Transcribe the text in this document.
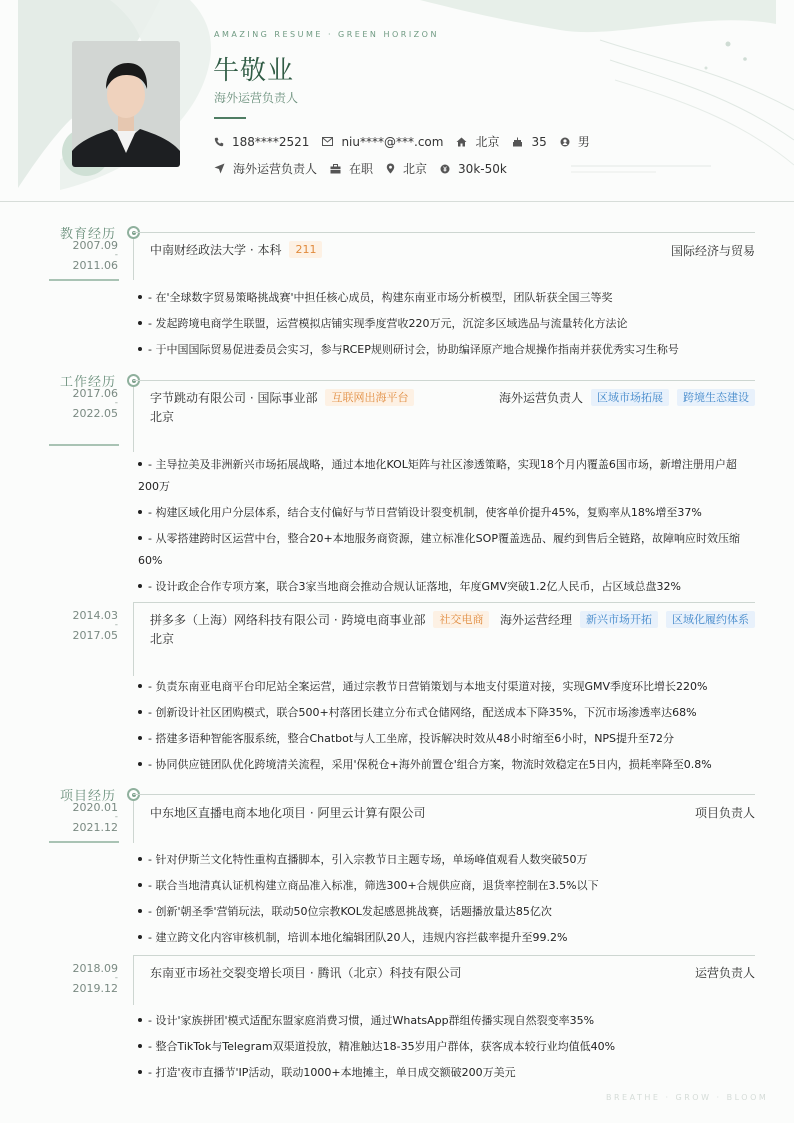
AMAZING RESUME · GREEN HORIZON
牛敬业
海外运营负责人
188****2521	niu****@***.com	北京	35	男
海外运营负责人	在职	北京	30k-50k
教育经历
2007.09
-
2011.06
中南财经政法大学 · 本科	211	国际经济与贸易
- 在'全球数字贸易策略挑战赛'中担任核心成员，构建东南亚市场分析模型，团队斩获全国三等奖
- 发起跨境电商学生联盟，运营模拟店铺实现季度营收220万元，沉淀多区域选品与流量转化方法论
- 于中国国际贸易促进委员会实习，参与RCEP规则研讨会，协助编译原产地合规操作指南并获优秀实习生称号
工作经历
2017.06
-
2022.05
字节跳动有限公司 · 国际事业部	互联网出海平台	海外运营负责人	区域市场拓展	跨境生态建设
北京
- 主导拉美及非洲新兴市场拓展战略，通过本地化KOL矩阵与社区渗透策略，实现18个月内覆盖6国市场，新增注册用户超200万
- 构建区域化用户分层体系，结合支付偏好与节日营销设计裂变机制，使客单价提升45%，复购率从18%增至37%
- 从零搭建跨时区运营中台，整合20+本地服务商资源，建立标准化SOP覆盖选品、履约到售后全链路，故障响应时效压缩60%
- 设计政企合作专项方案，联合3家当地商会推动合规认证落地，年度GMV突破1.2亿人民币，占区域总盘32%
2014.03
-
2017.05
拼多多（上海）网络科技有限公司 · 跨境电商事业部	社交电商	海外运营经理	新兴市场开拓	区域化履约体系
北京
- 负责东南亚电商平台印尼站全案运营，通过宗教节日营销策划与本地支付渠道对接，实现GMV季度环比增长220%
- 创新设计社区团购模式，联合500+村落团长建立分布式仓储网络，配送成本下降35%，下沉市场渗透率达68%
- 搭建多语种智能客服系统，整合Chatbot与人工坐席，投诉解决时效从48小时缩至6小时，NPS提升至72分
- 协同供应链团队优化跨境清关流程，采用'保税仓+海外前置仓'组合方案，物流时效稳定在5日内，损耗率降至0.8%
项目经历
2020.01
-
2021.12
中东地区直播电商本地化项目 · 阿里云计算有限公司	项目负责人
- 针对伊斯兰文化特性重构直播脚本，引入宗教节日主题专场，单场峰值观看人数突破50万
- 联合当地清真认证机构建立商品准入标准，筛选300+合规供应商，退货率控制在3.5%以下
- 创新'朝圣季'营销玩法，联动50位宗教KOL发起感恩挑战赛，话题播放量达85亿次
- 建立跨文化内容审核机制，培训本地化编辑团队20人，违规内容拦截率提升至99.2%
2018.09
-
2019.12
东南亚市场社交裂变增长项目 · 腾讯（北京）科技有限公司	运营负责人
- 设计'家族拼团'模式适配东盟家庭消费习惯，通过WhatsApp群组传播实现自然裂变率35%
- 整合TikTok与Telegram双渠道投放，精准触达18-35岁用户群体，获客成本较行业均值低40%
- 打造'夜市直播节'IP活动，联动1000+本地摊主，单日成交额破200万美元
BREATHE · GROW · BLOOM
